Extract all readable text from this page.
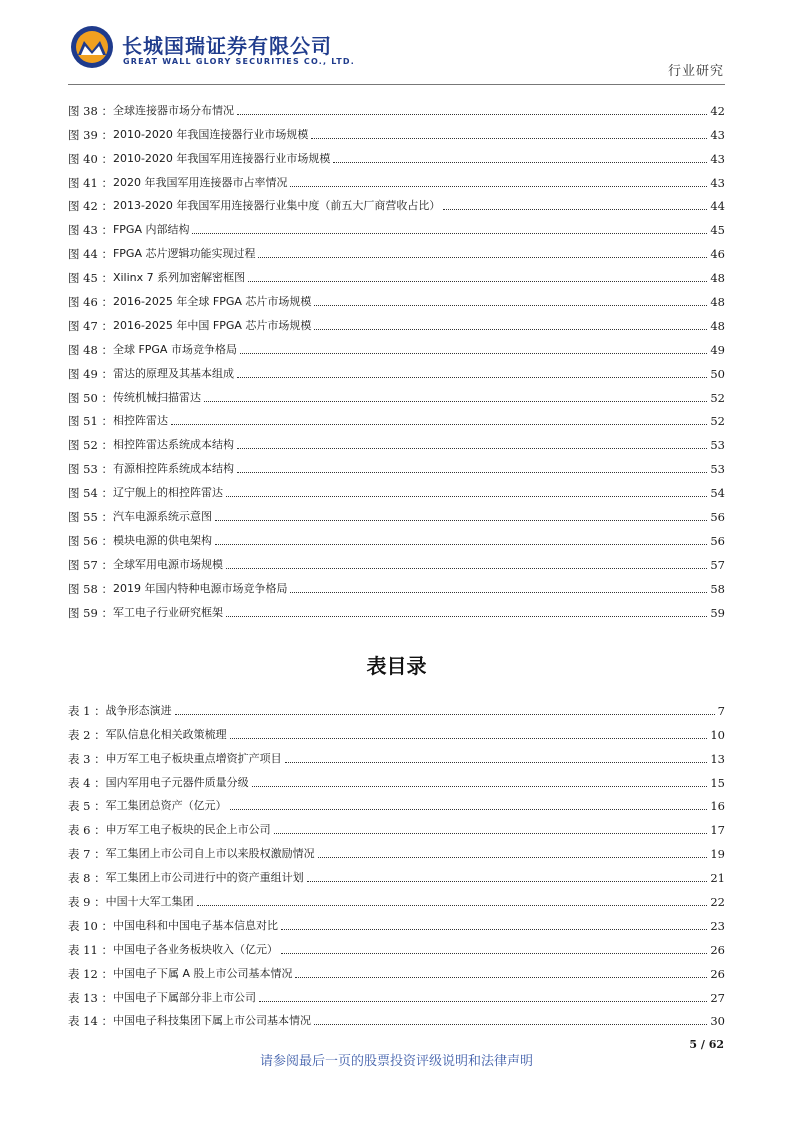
长城国瑞证券有限公司
GREAT WALL GLORY SECURITIES CO., LTD.
行业研究
图 38 ： 全球连接器市场分布情况	42
图 39 ： 2010-2020 年我国连接器行业市场规模	43
图 40 ： 2010-2020 年我国军用连接器行业市场规模	43
图 41 ： 2020 年我国军用连接器市占率情况	43
图 42 ： 2013-2020 年我国军用连接器行业集中度（前五大厂商营收占比）	44
图 43 ： FPGA 内部结构	45
图 44 ： FPGA 芯片逻辑功能实现过程	46
图 45 ： Xilinx 7 系列加密解密框图	48
图 46 ： 2016-2025 年全球 FPGA 芯片市场规模	48
图 47 ： 2016-2025 年中国 FPGA 芯片市场规模	48
图 48 ： 全球 FPGA 市场竞争格局	49
图 49 ： 雷达的原理及其基本组成	50
图 50 ： 传统机械扫描雷达	52
图 51 ： 相控阵雷达	52
图 52 ： 相控阵雷达系统成本结构	53
图 53 ： 有源相控阵系统成本结构	53
图 54 ： 辽宁舰上的相控阵雷达	54
图 55 ： 汽车电源系统示意图	56
图 56 ： 模块电源的供电架构	56
图 57 ： 全球军用电源市场规模	57
图 58 ： 2019 年国内特种电源市场竞争格局	58
图 59 ： 军工电子行业研究框架	59
表目录
表 1 ： 战争形态演进	7
表 2 ： 军队信息化相关政策梳理	10
表 3 ： 申万军工电子板块重点增资扩产项目	13
表 4 ： 国内军用电子元器件质量分级	15
表 5 ： 军工集团总资产（亿元）	16
表 6 ： 申万军工电子板块的民企上市公司	17
表 7 ： 军工集团上市公司自上市以来股权激励情况	19
表 8 ： 军工集团上市公司进行中的资产重组计划	21
表 9 ： 中国十大军工集团	22
表 10 ： 中国电科和中国电子基本信息对比	23
表 11 ： 中国电子各业务板块收入（亿元）	26
表 12 ： 中国电子下属 A 股上市公司基本情况	26
表 13 ： 中国电子下属部分非上市公司	27
表 14 ： 中国电子科技集团下属上市公司基本情况	30
5 / 62
请参阅最后一页的股票投资评级说明和法律声明
